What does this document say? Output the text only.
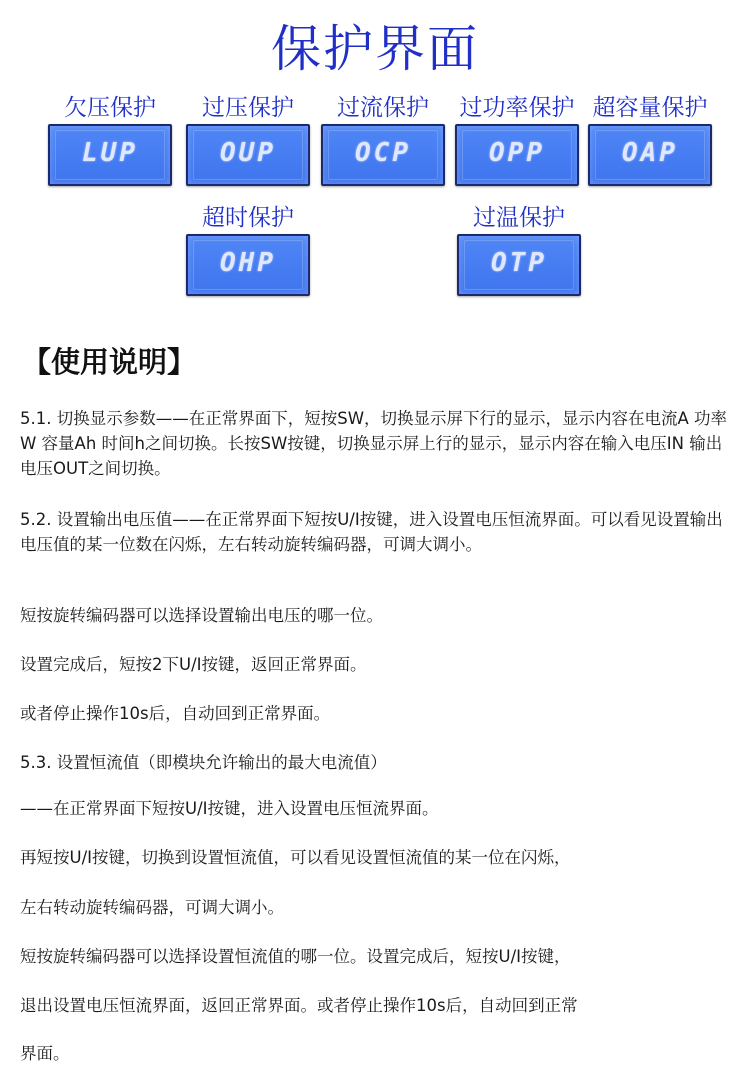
保护界面
欠压保护
LUP
过压保护
OUP
过流保护
OCP
过功率保护
OPP
超容量保护
OAP
超时保护
OHP
过温保护
OTP
【使用说明】

5.1. 切换显示参数——在正常界面下，短按SW，切换显示屏下行的显示，显示内容在电流A 功率W 容量Ah 时间h之间切换。长按SW按键，切换显示屏上行的显示，显示内容在输入电压IN 输出电压OUT之间切换。

5.2. 设置输出电压值——在正常界面下短按U/I按键，进入设置电压恒流界面。可以看见设置输出电压值的某一位数在闪烁，左右转动旋转编码器，可调大调小。

短按旋转编码器可以选择设置输出电压的哪一位。

设置完成后，短按2下U/I按键，返回正常界面。

或者停止操作10s后，自动回到正常界面。

5.3. 设置恒流值（即模块允许输出的最大电流值）

——在正常界面下短按U/I按键，进入设置电压恒流界面。

再短按U/I按键，切换到设置恒流值，可以看见设置恒流值的某一位在闪烁，

左右转动旋转编码器，可调大调小。

短按旋转编码器可以选择设置恒流值的哪一位。设置完成后，短按U/I按键，

退出设置电压恒流界面，返回正常界面。或者停止操作10s后，自动回到正常

界面。
